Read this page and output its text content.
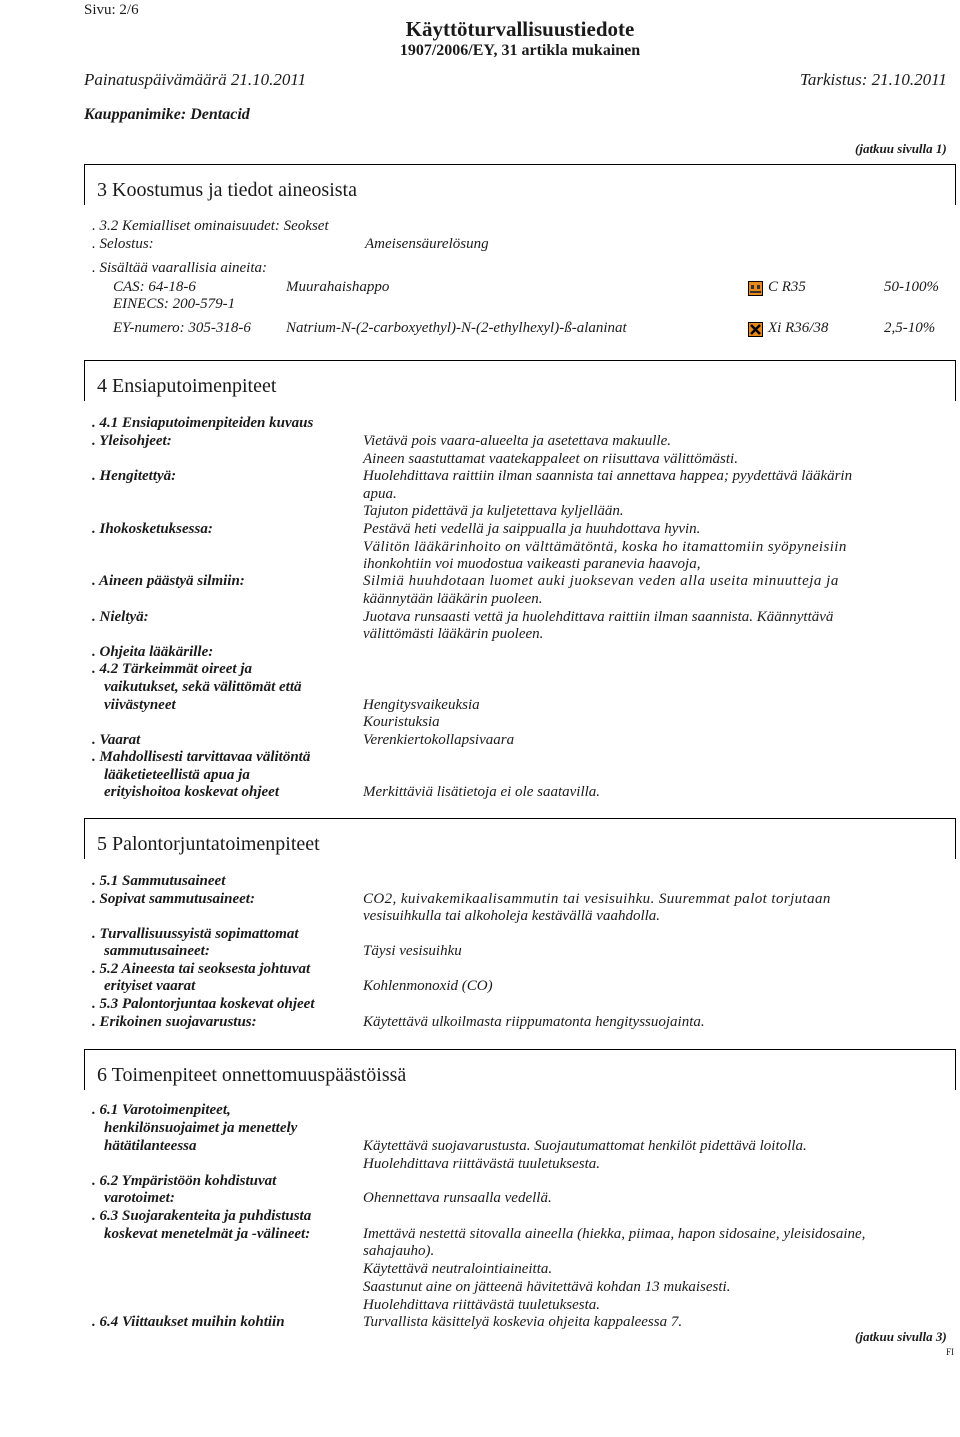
Sivu: 2/6
Käyttöturvallisuustiedote
1907/2006/EY, 31 artikla mukainen
Painatuspäivämäärä 21.10.2011	Tarkistus: 21.10.2011
Kauppanimike: Dentacid
(jatkuu sivulla 1)
3 Koostumus ja tiedot aineosista
. 3.2 Kemialliset ominaisuudet: Seokset
. Selostus:	Ameisensäurelösung
. Sisältää vaarallisia aineita:
CAS: 64-18-6
EINECS: 200-579-1
Muurahaishappo	C R35	50-100%
EY-numero: 305-318-6 Natrium-N-(2-carboxyethyl)-N-(2-ethylhexyl)-ß-alaninat	Xi R36/38	2,5-10%
4 Ensiaputoimenpiteet
. 4.1 Ensiaputoimenpiteiden kuvaus
. Yleisohjeet:	Vietävä pois vaara-alueelta ja asetettava makuulle.
Aineen saastuttamat vaatekappaleet on riisuttava välittömästi.
. Hengitettyä:	Huolehdittava raittiin ilman saannista tai annettava happea; pyydettävä lääkärin
apua.
Tajuton pidettävä ja kuljetettava kyljellään.
. Ihokosketuksessa:	Pestävä heti vedellä ja saippualla ja huuhdottava hyvin.
Välitön lääkärinhoito on välttämätöntä, koska ho itamattomiin syöpyneisiin
ihonkohtiin voi muodostua vaikeasti paranevia haavoja,
. Aineen päästyä silmiin:	Silmiä huuhdotaan luomet auki juoksevan veden alla useita minuutteja ja
käännytään lääkärin puoleen.
. Nieltyä:	Juotava runsaasti vettä ja huolehdittava raittiin ilman saannista. Käännyttävä
välittömästi lääkärin puoleen.
. Ohjeita lääkärille:
. 4.2 Tärkeimmät oireet ja
vaikutukset, sekä välittömät että
viivästyneet	Hengitysvaikeuksia
Kouristuksia
. Vaarat	Verenkiertokollapsivaara
. Mahdollisesti tarvittavaa välitöntä
lääketieteellistä apua ja
erityishoitoa koskevat ohjeet	Merkittäviä lisätietoja ei ole saatavilla.
5 Palontorjuntatoimenpiteet
. 5.1 Sammutusaineet
. Sopivat sammutusaineet:	CO2, kuivakemikaalisammutin tai vesisuihku. Suuremmat palot torjutaan
vesisuihkulla tai alkoholeja kestävällä vaahdolla.
. Turvallisuussyistä sopimattomat
sammutusaineet:	Täysi vesisuihku
. 5.2 Aineesta tai seoksesta johtuvat
erityiset vaarat	Kohlenmonoxid (CO)
. 5.3 Palontorjuntaa koskevat ohjeet
. Erikoinen suojavarustus:	Käytettävä ulkoilmasta riippumatonta hengityssuojainta.
6 Toimenpiteet onnettomuuspäästöissä
. 6.1 Varotoimenpiteet,
henkilönsuojaimet ja menettely
hätätilanteessa	Käytettävä suojavarustusta. Suojautumattomat henkilöt pidettävä loitolla.
Huolehdittava riittävästä tuuletuksesta.
. 6.2 Ympäristöön kohdistuvat
varotoimet:	Ohennettava runsaalla vedellä.
. 6.3 Suojarakenteita ja puhdistusta
koskevat menetelmät ja -välineet:	Imettävä nestettä sitovalla aineella (hiekka, piimaa, hapon sidosaine, yleisidosaine,
sahajauho).
Käytettävä neutralointiaineitta.
Saastunut aine on jätteenä hävitettävä kohdan 13 mukaisesti.
Huolehdittava riittävästä tuuletuksesta.
. 6.4 Viittaukset muihin kohtiin	Turvallista käsittelyä koskevia ohjeita kappaleessa 7.
(jatkuu sivulla 3)
FI
